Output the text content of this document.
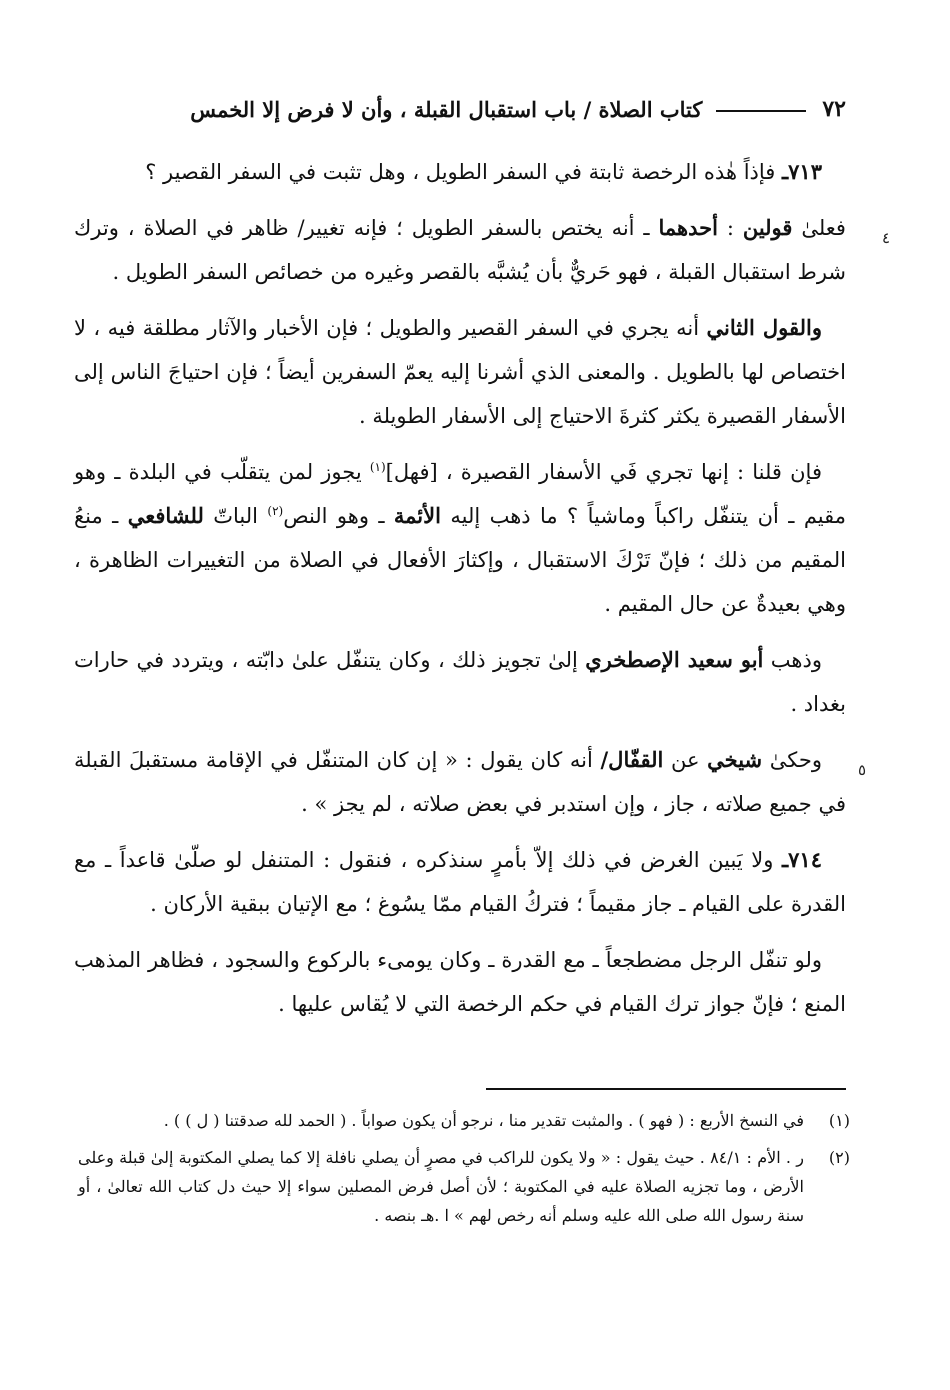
٧٢
كتاب الصلاة / باب استقبال القبلة ، وأن لا فرض إلا الخمس

٧١٣ـ فإذاً هٰذه الرخصة ثابتة في السفر الطويل ، وهل تثبت في السفر القصير ؟

٤
فعلىٰ قولين : أحدهما ـ أنه يختص بالسفر الطويل ؛ فإنه تغيير/ ظاهر في الصلاة ، وترك شرط استقبال القبلة ، فهو حَريٌّ بأن يُشبَّه بالقصر وغيره من خصائص السفر الطويل .

والقول الثاني أنه يجري في السفر القصير والطويل ؛ فإن الأخبار والآثار مطلقة فيه ، لا اختصاص لها بالطويل . والمعنى الذي أشرنا إليه يعمّ السفرين أيضاً ؛ فإن احتياجَ الناس إلى الأسفار القصيرة يكثر كثرةَ الاحتياج إلى الأسفار الطويلة .

فإن قلنا : إنها تجري فَي الأسفار القصيرة ، [فهل]$^{(١)}$ يجوز لمن يتقلّب في البلدة ـ وهو مقيم ـ أن يتنفّل راكباً وماشياً ؟ ما ذهب إليه الأئمة ـ وهو النص$^{(٢)}$ الباتّ للشافعي ـ منعُ المقيم من ذلك ؛ فإنّ تَرْكَ الاستقبال ، وإكثارَ الأفعال في الصلاة من التغييرات الظاهرة ، وهي بعيدةٌ عن حال المقيم .

وذهب أبو سعيد الإصطخري إلىٰ تجويز ذلك ، وكان يتنفّل علىٰ دابّته ، ويتردد في حارات بغداد .

٥
وحكىٰ شيخي عن القفّال/ أنه كان يقول : « إن كان المتنفّل في الإقامة مستقبلَ القبلة في جميع صلاته ، جاز ، وإن استدبر في بعض صلاته ، لم يجز » .

٧١٤ـ ولا يَبين الغرض في ذلك إلاّ بأمرٍ سنذكره ، فنقول : المتنفل لو صلّىٰ قاعداً ـ مع القدرة على القيام ـ جاز مقيماً ؛ فتركُ القيام ممّا يسُوغ ؛ مع الإتيان ببقية الأركان .

ولو تنفّل الرجل مضطجعاً ـ مع القدرة ـ وكان يومىء بالركوع والسجود ، فظاهر المذهب المنع ؛ فإنّ جواز ترك القيام في حكم الرخصة التي لا يُقاس عليها .

(١)
في النسخ الأربع : ( فهو ) . والمثبت تقدير منا ، نرجو أن يكون صواباً . ( الحمد لله صدقتنا ( ل ) ) .
(٢)
ر . الأم : ٨٤/١ . حيث يقول : « ولا يكون للراكب في مصرٍ أن يصلي نافلة إلا كما يصلي المكتوبة إلىٰ قبلة وعلى الأرض ، وما تجزيه الصلاة عليه في المكتوبة ؛ لأن أصل فرض المصلين سواء إلا حيث دل كتاب الله تعالىٰ ، أو سنة رسول الله صلى الله عليه وسلم أنه رخص لهم » ا .هـ بنصه .
